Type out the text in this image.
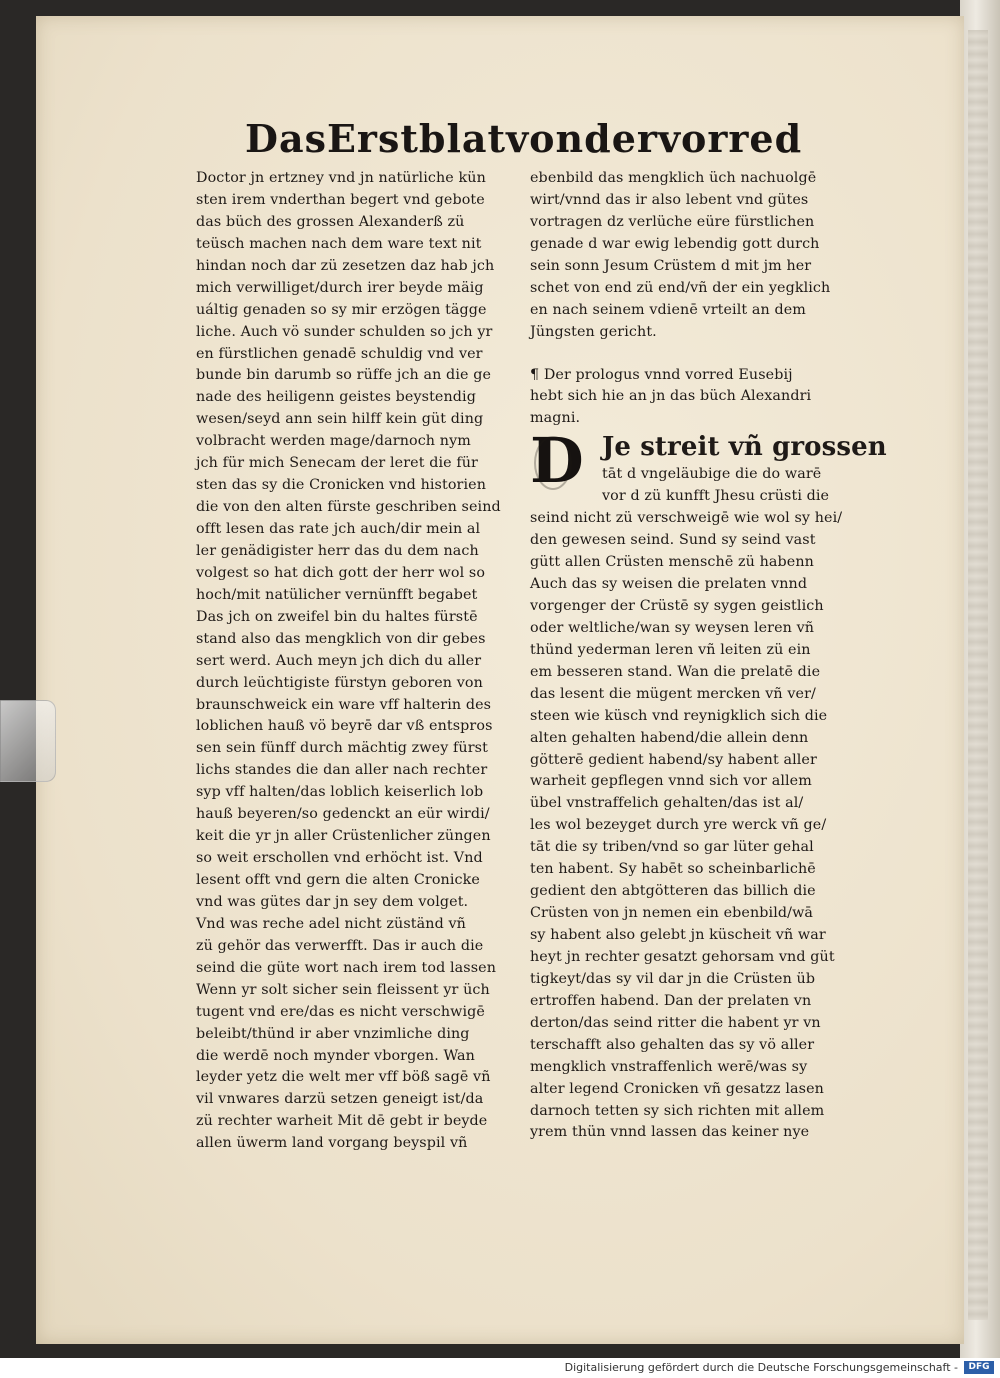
Das Erst blat von der vorred
Doctor jn ertzney vnd jn natürliche kün
sten irem vnderthan begert vnd gebote
das büch des grossen Alexanderß zü
teüsch machen nach dem ware text nit
hindan noch dar zü zesetzen daz hab jch
mich verwilliget/durch irer beyde mäig
uáltig genaden so sy mir erzögen tägge
liche. Auch vö sunder schulden so jch yr
en fürstlichen genadē schuldig vnd ver
bunde bin darumb so rüffe jch an die ge
nade des heiligenn geistes beystendig
wesen/seyd ann sein hilff kein güt ding
volbracht werden mage/darnoch nym
jch für mich Senecam der leret die für
sten das sy die Cronicken vnd historien
die von den alten fürste geschriben seind
offt lesen das rate jch auch/dir mein al
ler genädigister herr das du dem nach
volgest so hat dich gott der herr wol so
hoch/mit natülicher vernünfft begabet
Das jch on zweifel bin du haltes fürstē
stand also das mengklich von dir gebes
sert werd. Auch meyn jch dich du aller
durch leüchtigiste fürstyn geboren von
braunschweick ein ware vff halterin des
loblichen hauß vö beyrē dar vß entspros
sen sein fünff durch mächtig zwey fürst
lichs standes die dan aller nach rechter
syp vff halten/das loblich keiserlich lob
hauß beyeren/so gedenckt an eür wirdi/
keit die yr jn aller Crüstenlicher züngen
so weit erschollen vnd erhöcht ist. Vnd
lesent offt vnd gern die alten Cronicke
vnd was gütes dar jn sey dem volget.
Vnd was reche adel nicht züständ vñ
zü gehör das verwerfft. Das ir auch die
seind die güte wort nach irem tod lassen
Wenn yr solt sicher sein fleissent yr üch
tugent vnd ere/das es nicht verschwigē
beleibt/thünd ir aber vnzimliche ding
die werdē noch mynder vborgen. Wan
leyder yetz die welt mer vff böß sagē vñ
vil vnwares darzü setzen geneigt ist/da
zü rechter warheit Mit dē gebt ir beyde
allen üwerm land vorgang beyspil vñ
ebenbild das mengklich üch nachuolgē
wirt/vnnd das ir also lebent vnd gütes
vortragen dz verlüche eüre fürstlichen
genade d war ewig lebendig gott durch
sein sonn Jesum Crüstem d mit jm her
schet von end zü end/vñ der ein yegklich
en nach seinem vdienē vrteilt an dem
Jüngsten gericht.
¶ Der prologus vnnd vorred Eusebij
hebt sich hie an jn das büch Alexandri
magni.
D Je streit vñ grossen
tāt d vngeläubige die do warē
vor d zü kunfft Jhesu crüsti die
seind nicht zü verschweigē wie wol sy hei/
den gewesen seind. Sund sy seind vast
gütt allen Crüsten menschē zü habenn
Auch das sy weisen die prelaten vnnd
vorgenger der Crüstē sy sygen geistlich
oder weltliche/wan sy weysen leren vñ
thünd yederman leren vñ leiten zü ein
em besseren stand. Wan die prelatē die
das lesent die mügent mercken vñ ver/
steen wie küsch vnd reynigklich sich die
alten gehalten habend/die allein denn
götterē gedient habend/sy habent aller
warheit gepflegen vnnd sich vor allem
übel vnstraffelich gehalten/das ist al/
les wol bezeyget durch yre werck vñ ge/
tāt die sy triben/vnd so gar lüter gehal
ten habent. Sy habēt so scheinbarlichē
gedient den abtgötteren das billich die
Crüsten von jn nemen ein ebenbild/wā
sy habent also gelebt jn küscheit vñ war
heyt jn rechter gesatzt gehorsam vnd güt
tigkeyt/das sy vil dar jn die Crüsten üb
ertroffen habend. Dan der prelaten vn
derton/das seind ritter die habent yr vn
terschafft also gehalten das sy vö aller
mengklich vnstraffenlich werē/was sy
alter legend Cronicken vñ gesatzz lasen
darnoch tetten sy sich richten mit allem
yrem thün vnnd lassen das keiner nye
Digitalisierung gefördert durch die Deutsche Forschungsgemeinschaft -	DFG
